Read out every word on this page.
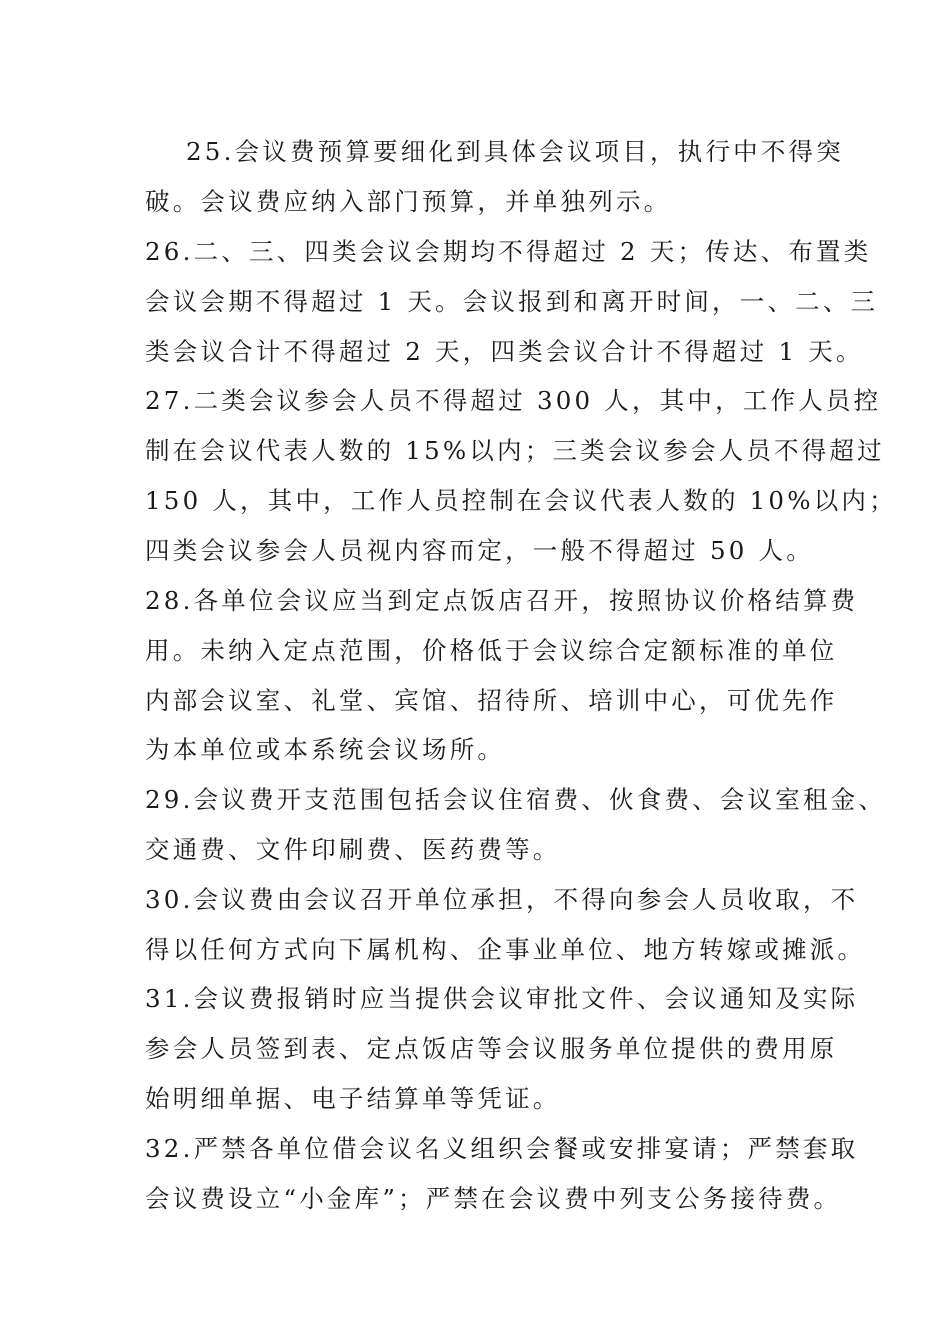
25.会议费预算要细化到具体会议项目，执行中不得突
破。会议费应纳入部门预算，并单独列示。
26.二、三、四类会议会期均不得超过 2 天；传达、布置类
会议会期不得超过 1 天。会议报到和离开时间，一、二、三
类会议合计不得超过 2 天，四类会议合计不得超过 1 天。
27.二类会议参会人员不得超过 300 人，其中，工作人员控
制在会议代表人数的 15%以内；三类会议参会人员不得超过
150 人，其中，工作人员控制在会议代表人数的 10%以内；
四类会议参会人员视内容而定，一般不得超过 50 人。
28.各单位会议应当到定点饭店召开，按照协议价格结算费
用。未纳入定点范围，价格低于会议综合定额标准的单位
内部会议室、礼堂、宾馆、招待所、培训中心，可优先作
为本单位或本系统会议场所。
29.会议费开支范围包括会议住宿费、伙食费、会议室租金、
交通费、文件印刷费、医药费等。
30.会议费由会议召开单位承担，不得向参会人员收取，不
得以任何方式向下属机构、企事业单位、地方转嫁或摊派。
31.会议费报销时应当提供会议审批文件、会议通知及实际
参会人员签到表、定点饭店等会议服务单位提供的费用原
始明细单据、电子结算单等凭证。
32.严禁各单位借会议名义组织会餐或安排宴请；严禁套取
会议费设立“小金库”；严禁在会议费中列支公务接待费。
